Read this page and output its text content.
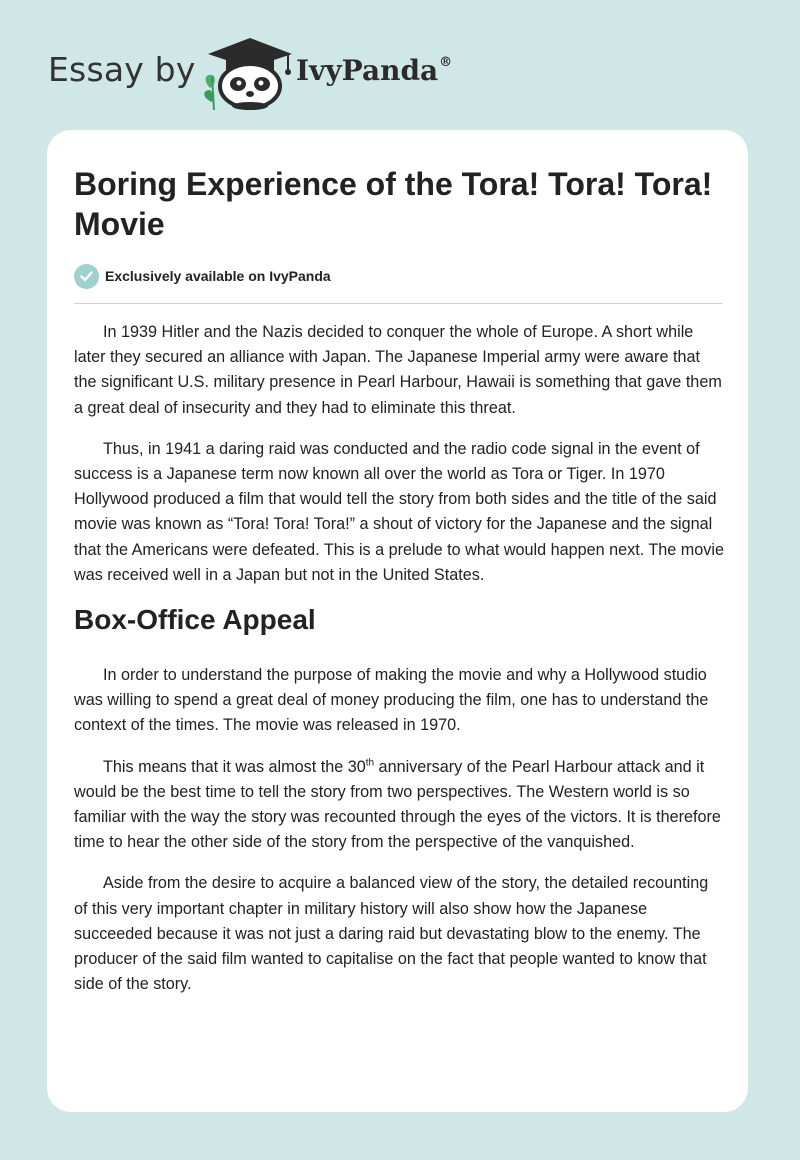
Essay by	IvyPanda®
Boring Experience of the Tora! Tora! Tora! Movie
Exclusively available on IvyPanda

In 1939 Hitler and the Nazis decided to conquer the whole of Europe. A short while later they secured an alliance with Japan. The Japanese Imperial army were aware that the significant U.S. military presence in Pearl Harbour, Hawaii is something that gave them a great deal of insecurity and they had to eliminate this threat.

Thus, in 1941 a daring raid was conducted and the radio code signal in the event of success is a Japanese term now known all over the world as Tora or Tiger. In 1970 Hollywood produced a film that would tell the story from both sides and the title of the said movie was known as “Tora! Tora! Tora!” a shout of victory for the Japanese and the signal that the Americans were defeated. This is a prelude to what would happen next. The movie was received well in a Japan but not in the United States.

Box-Office Appeal

In order to understand the purpose of making the movie and why a Hollywood studio was willing to spend a great deal of money producing the film, one has to understand the context of the times. The movie was released in 1970.

This means that it was almost the 30th anniversary of the Pearl Harbour attack and it would be the best time to tell the story from two perspectives. The Western world is so familiar with the way the story was recounted through the eyes of the victors. It is therefore time to hear the other side of the story from the perspective of the vanquished.

Aside from the desire to acquire a balanced view of the story, the detailed recounting of this very important chapter in military history will also show how the Japanese succeeded because it was not just a daring raid but devastating blow to the enemy. The producer of the said film wanted to capitalise on the fact that people wanted to know that side of the story.
